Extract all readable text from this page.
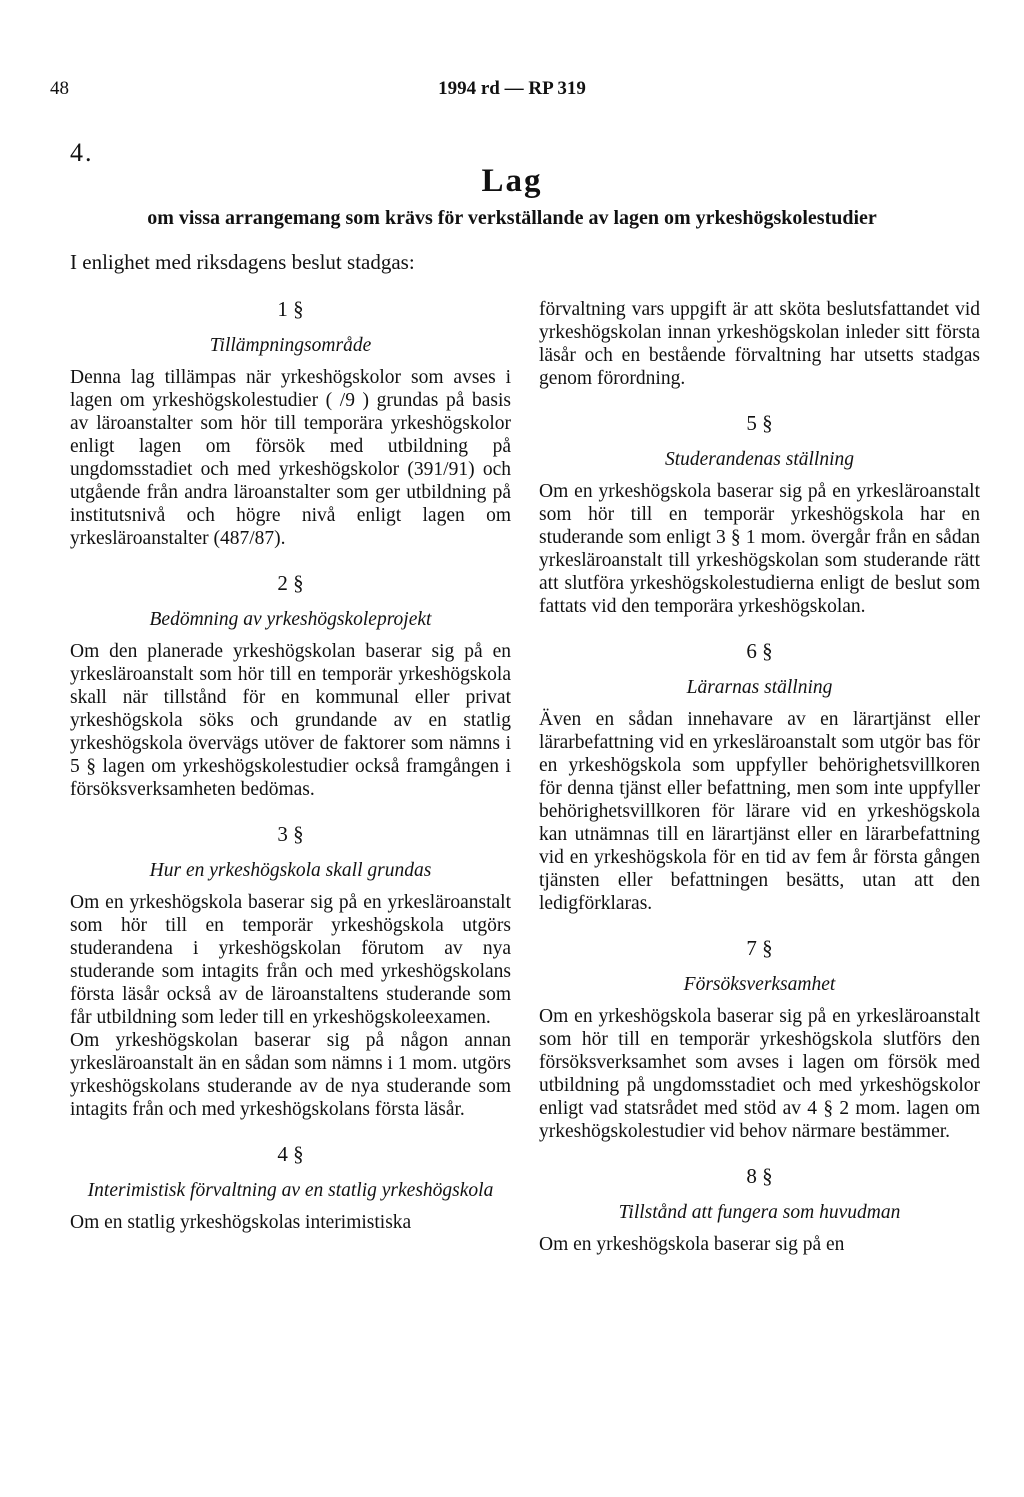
48	1994 rd — RP 319
4.
Lag
om vissa arrangemang som krävs för verkställande av lagen om yrkeshögskolestudier
I enlighet med riksdagens beslut stadgas:
1 §
Tillämpningsområde

Denna lag tillämpas när yrkeshögskolor som avses i lagen om yrkeshögskolestudier ( /9 ) grundas på basis av läroanstalter som hör till temporära yrkeshögskolor enligt lagen om försök med utbildning på ungdomsstadiet och med yrkeshögskolor (391/91) och utgående från andra läroanstalter som ger utbildning på institutsnivå och högre nivå enligt lagen om yrkesläroanstalter (487/87).

2 §
Bedömning av yrkeshögskoleprojekt

Om den planerade yrkeshögskolan baserar sig på en yrkesläroanstalt som hör till en temporär yrkeshögskola skall när tillstånd för en kommunal eller privat yrkeshögskola söks och grundande av en statlig yrkeshögskola övervägs utöver de faktorer som nämns i 5 § lagen om yrkeshögskolestudier också framgången i försöksverksamheten bedömas.

3 §
Hur en yrkeshögskola skall grundas

Om en yrkeshögskola baserar sig på en yrkesläroanstalt som hör till en temporär yrkeshögskola utgörs studerandena i yrkeshögskolan förutom av nya studerande som intagits från och med yrkeshögskolans första läsår också av de läroanstaltens studerande som får utbildning som leder till en yrkeshögskoleexamen.

Om yrkeshögskolan baserar sig på någon annan yrkesläroanstalt än en sådan som nämns i 1 mom. utgörs yrkeshögskolans studerande av de nya studerande som intagits från och med yrkeshögskolans första läsår.

4 §
Interimistisk förvaltning av en statlig yrkeshögskola

Om en statlig yrkeshögskolas interimistiska

förvaltning vars uppgift är att sköta beslutsfattandet vid yrkeshögskolan innan yrkeshögskolan inleder sitt första läsår och en bestående förvaltning har utsetts stadgas genom förordning.

5 §
Studerandenas ställning

Om en yrkeshögskola baserar sig på en yrkesläroanstalt som hör till en temporär yrkeshögskola har en studerande som enligt 3 § 1 mom. övergår från en sådan yrkesläroanstalt till yrkeshögskolan som studerande rätt att slutföra yrkeshögskolestudierna enligt de beslut som fattats vid den temporära yrkeshögskolan.

6 §
Lärarnas ställning

Även en sådan innehavare av en lärartjänst eller lärarbefattning vid en yrkesläroanstalt som utgör bas för en yrkeshögskola som uppfyller behörighetsvillkoren för denna tjänst eller befattning, men som inte uppfyller behörighetsvillkoren för lärare vid en yrkeshögskola kan utnämnas till en lärartjänst eller en lärarbefattning vid en yrkeshögskola för en tid av fem år första gången tjänsten eller befattningen besätts, utan att den ledigförklaras.

7 §
Försöksverksamhet

Om en yrkeshögskola baserar sig på en yrkesläroanstalt som hör till en temporär yrkeshögskola slutförs den försöksverksamhet som avses i lagen om försök med utbildning på ungdomsstadiet och med yrkeshögskolor enligt vad statsrådet med stöd av 4 § 2 mom. lagen om yrkeshögskolestudier vid behov närmare bestämmer.

8 §
Tillstånd att fungera som huvudman

Om en yrkeshögskola baserar sig på en
